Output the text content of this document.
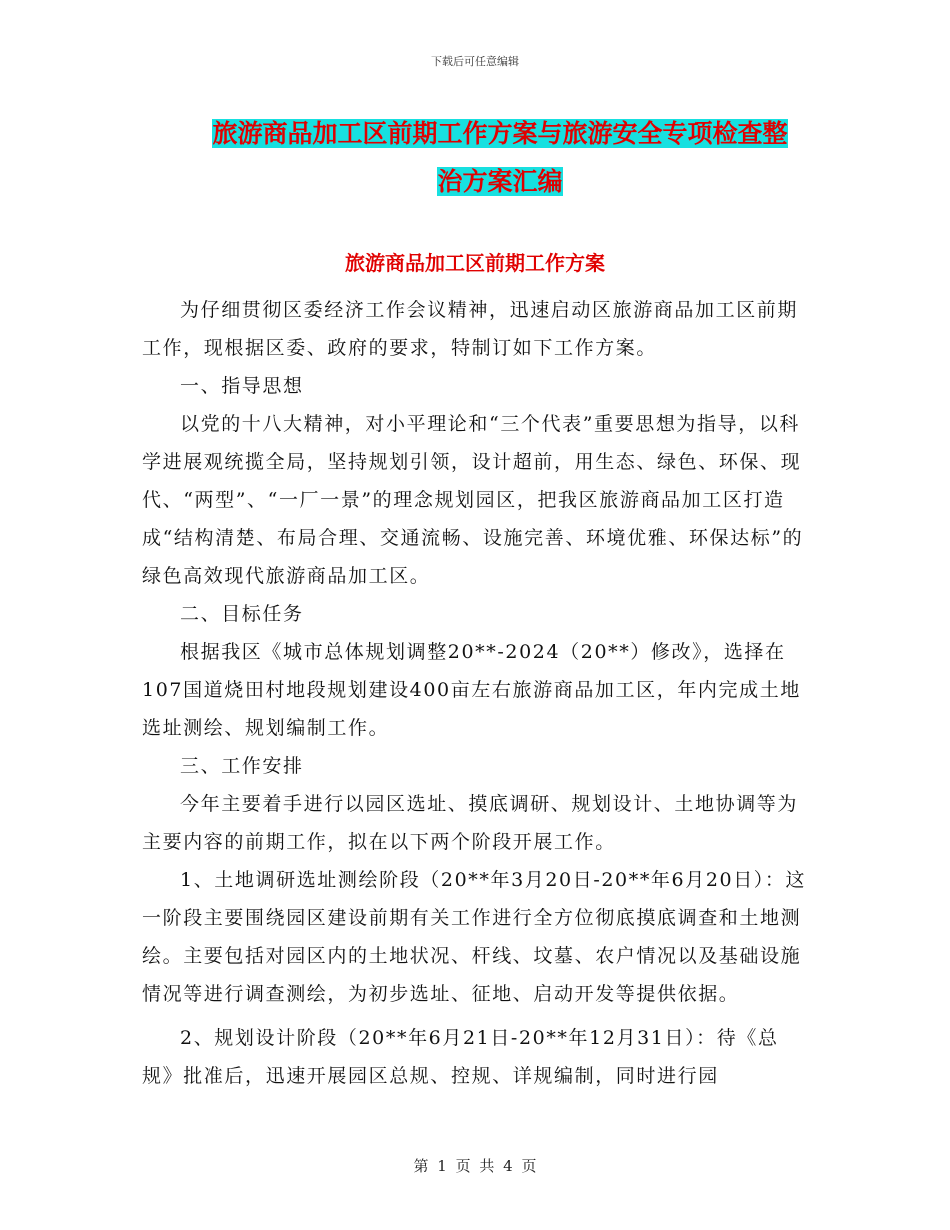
下载后可任意编辑
旅游商品加工区前期工作方案与旅游安全专项检查整
治方案汇编
旅游商品加工区前期工作方案

为仔细贯彻区委经济工作会议精神，迅速启动区旅游商品加工区前期工作，现根据区委、政府的要求，特制订如下工作方案。

一、指导思想

以党的十八大精神，对小平理论和“三个代表”重要思想为指导，以科学进展观统揽全局，坚持规划引领，设计超前，用生态、绿色、环保、现代、“两型”、“一厂一景”的理念规划园区，把我区旅游商品加工区打造成“结构清楚、布局合理、交通流畅、设施完善、环境优雅、环保达标”的绿色高效现代旅游商品加工区。

二、目标任务

根据我区《城市总体规划调整20**-2024（20**）修改》，选择在107国道烧田村地段规划建设400亩左右旅游商品加工区，年内完成土地选址测绘、规划编制工作。

三、工作安排

今年主要着手进行以园区选址、摸底调研、规划设计、土地协调等为主要内容的前期工作，拟在以下两个阶段开展工作。

1、土地调研选址测绘阶段（20**年3月20日-20**年6月20日）：这一阶段主要围绕园区建设前期有关工作进行全方位彻底摸底调查和土地测绘。主要包括对园区内的土地状况、杆线、坟墓、农户情况以及基础设施情况等进行调查测绘，为初步选址、征地、启动开发等提供依据。

2、规划设计阶段（20**年6月21日-20**年12月31日）：待《总规》批准后，迅速开展园区总规、控规、详规编制，同时进行园

第 1 页 共 4 页
